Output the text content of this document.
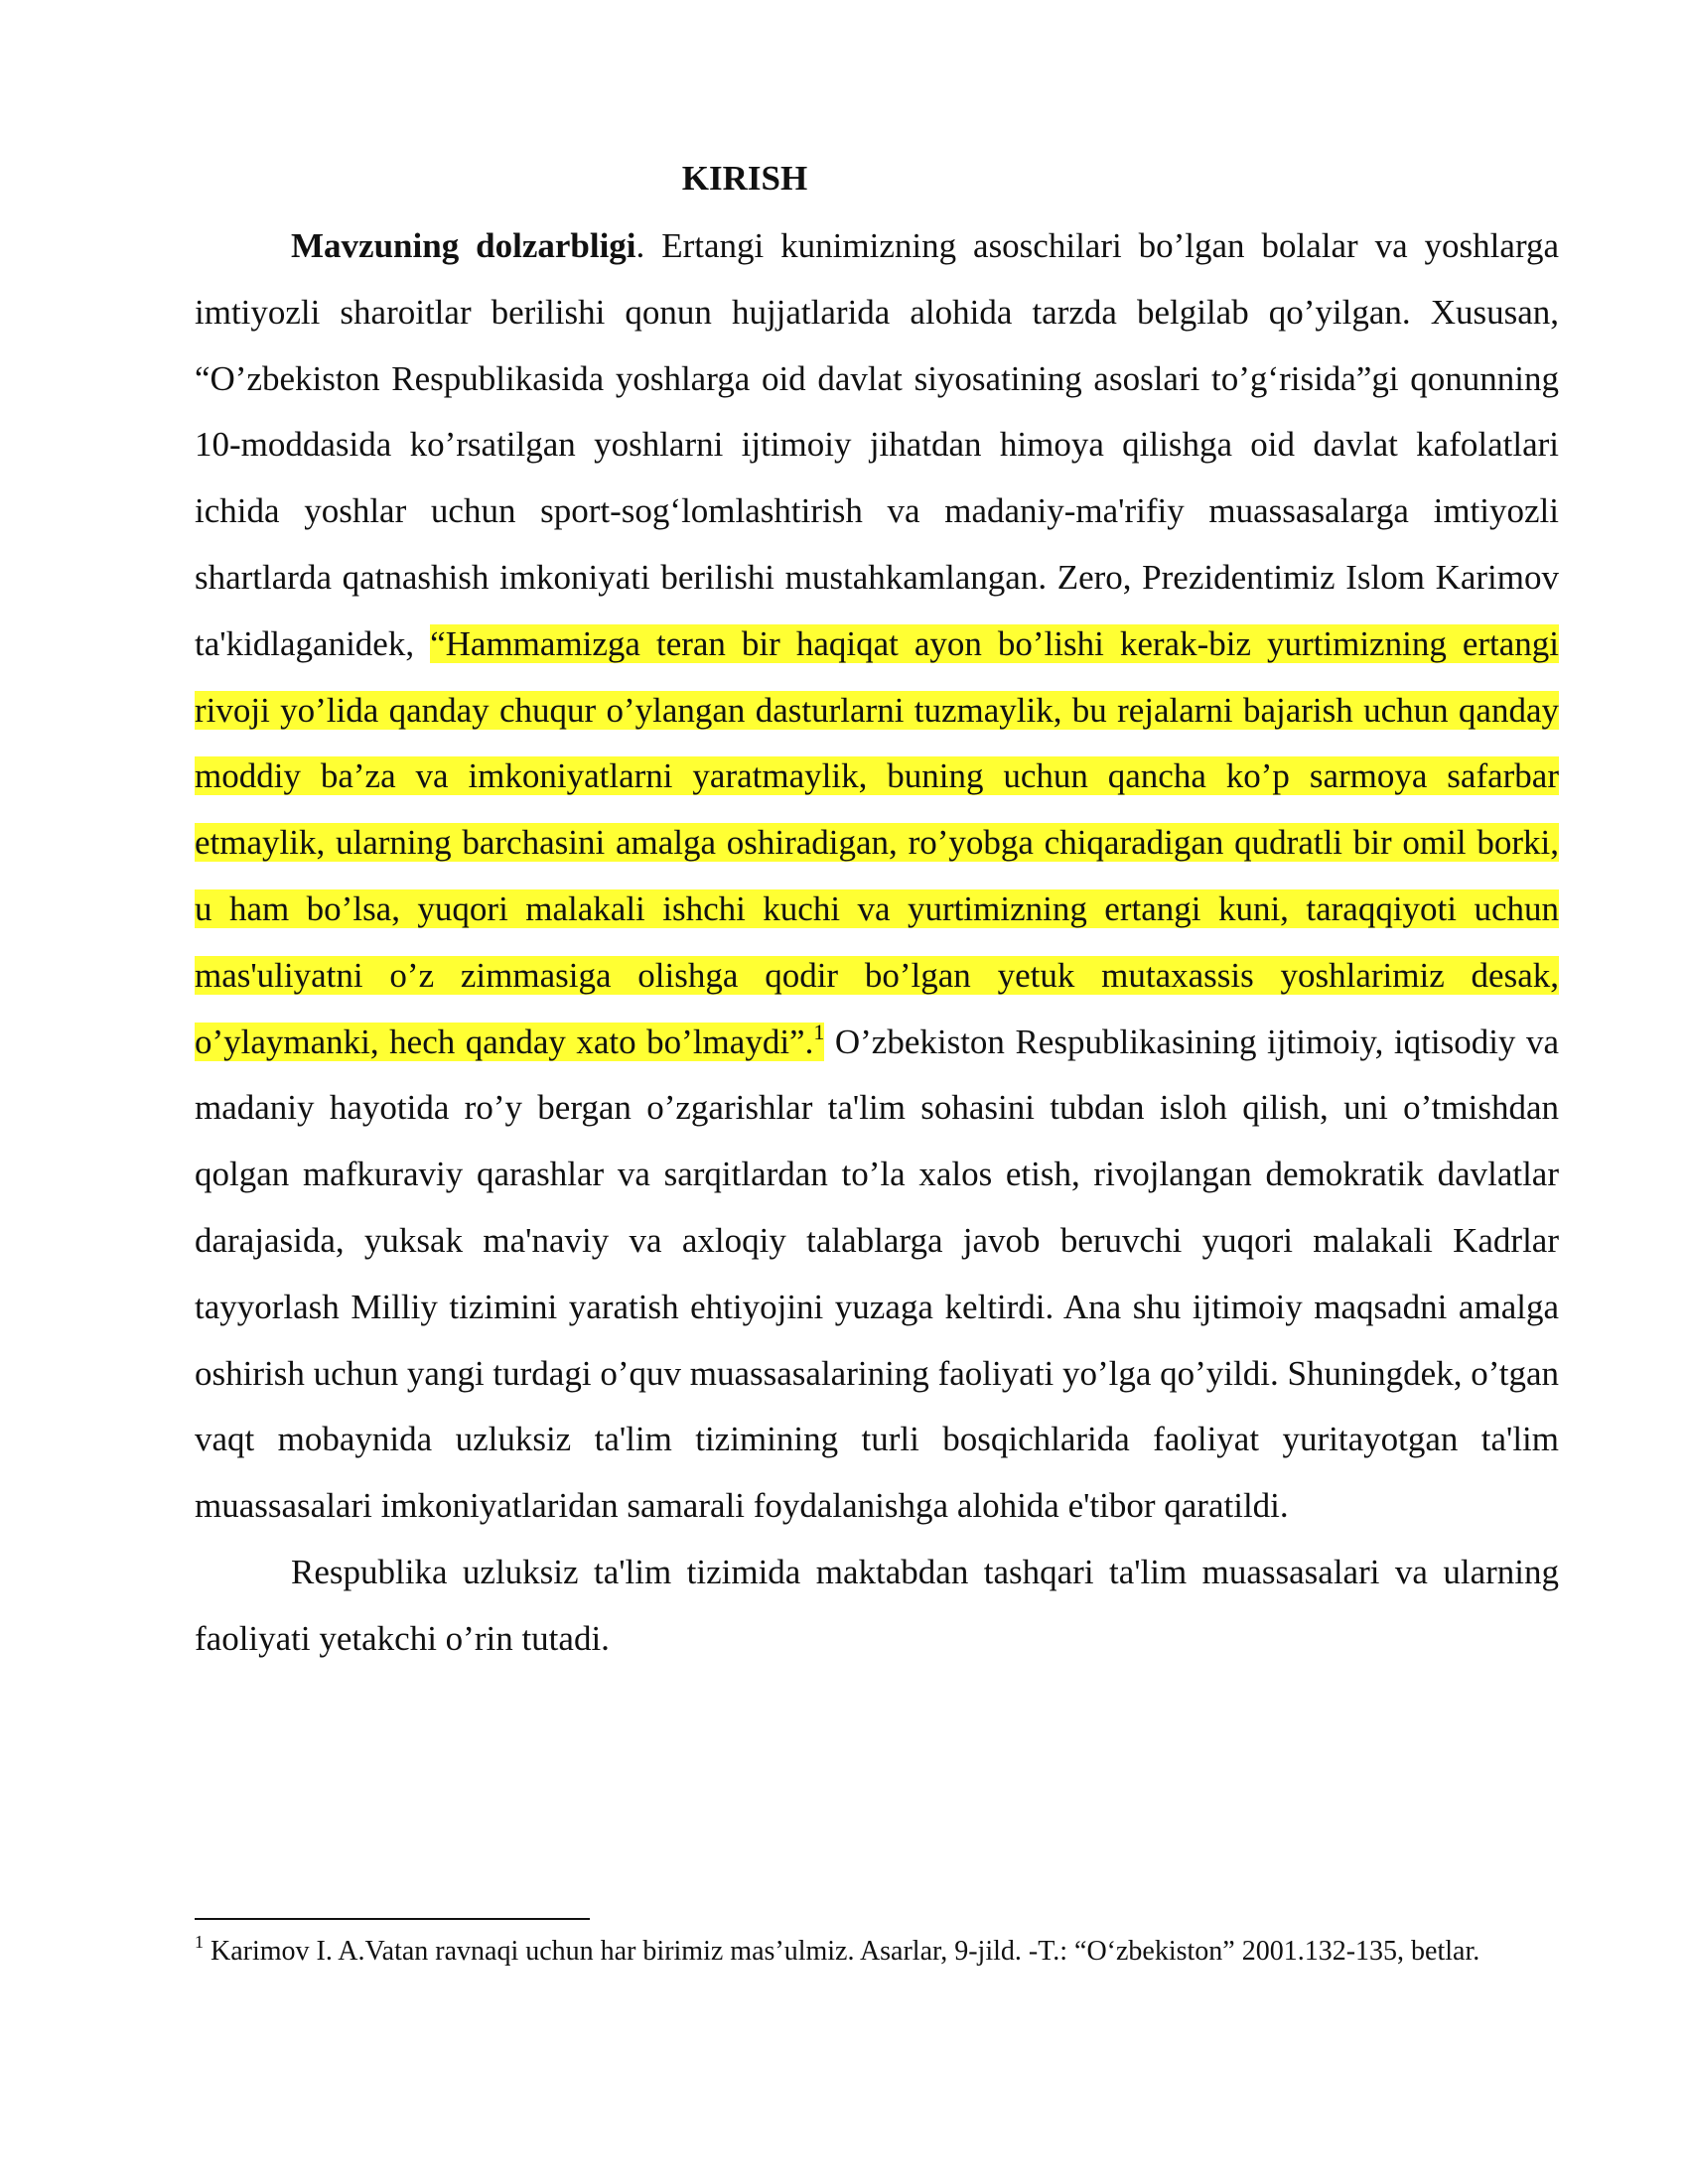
KIRISH

Mavzuning dolzarbligi. Ertangi kunimizning asoschilari bo’lgan bolalar va yoshlarga imtiyozli sharoitlar berilishi qonun hujjatlarida alohida tarzda belgilab qo’yilgan. Xususan, “O’zbekiston Respublikasida yoshlarga oid davlat siyosatining asoslari to’g‘risida”gi qonunning 10-moddasida ko’rsatilgan yoshlarni ijtimoiy jihatdan himoya qilishga oid davlat kafolatlari ichida yoshlar uchun sport-sog‘lomlashtirish va madaniy-ma'rifiy muassasalarga imtiyozli shartlarda qatnashish imkoniyati berilishi mustahkamlangan. Zero, Prezidentimiz Islom Karimov ta'kidlaganidek, “Hammamizga teran bir haqiqat ayon bo’lishi kerak-biz yurtimizning ertangi rivoji yo’lida qanday chuqur o’ylangan dasturlarni tuzmaylik, bu rejalarni bajarish uchun qanday moddiy ba’za va imkoniyatlarni yaratmaylik, buning uchun qancha ko’p sarmoya safarbar etmaylik, ularning barchasini amalga oshiradigan, ro’yobga chiqaradigan qudratli bir omil borki, u ham bo’lsa, yuqori malakali ishchi kuchi va yurtimizning ertangi kuni, taraqqiyoti uchun mas'uliyatni o’z zimmasiga olishga qodir bo’lgan yetuk mutaxassis yoshlarimiz desak, o’ylaymanki, hech qanday xato bo’lmaydi”.$^1$ O’zbekiston Respublikasining ijtimoiy, iqtisodiy va madaniy hayotida ro’y bergan o’zgarishlar ta'lim sohasini tubdan isloh qilish, uni o’tmishdan qolgan mafkuraviy qarashlar va sarqitlardan to’la xalos etish, rivojlangan demokratik davlatlar darajasida, yuksak ma'naviy va axloqiy talablarga javob beruvchi yuqori malakali Kadrlar tayyorlash Milliy tizimini yaratish ehtiyojini yuzaga keltirdi. Ana shu ijtimoiy maqsadni amalga oshirish uchun yangi turdagi o’quv muassasalarining faoliyati yo’lga qo’yildi. Shuningdek, o’tgan vaqt mobaynida uzluksiz ta'lim tizimining turli bosqichlarida faoliyat yuritayotgan ta'lim muassasalari imkoniyatlaridan samarali foydalanishga alohida e'tibor qaratildi.

Respublika uzluksiz ta'lim tizimida maktabdan tashqari ta'lim muassasalari va ularning faoliyati yetakchi o’rin tutadi.

$^1$ Karimov I. A.Vatan ravnaqi uchun har birimiz mas’ulmiz. Asarlar, 9-jild. -T.: “O‘zbekiston” 2001.132-135, betlar.
